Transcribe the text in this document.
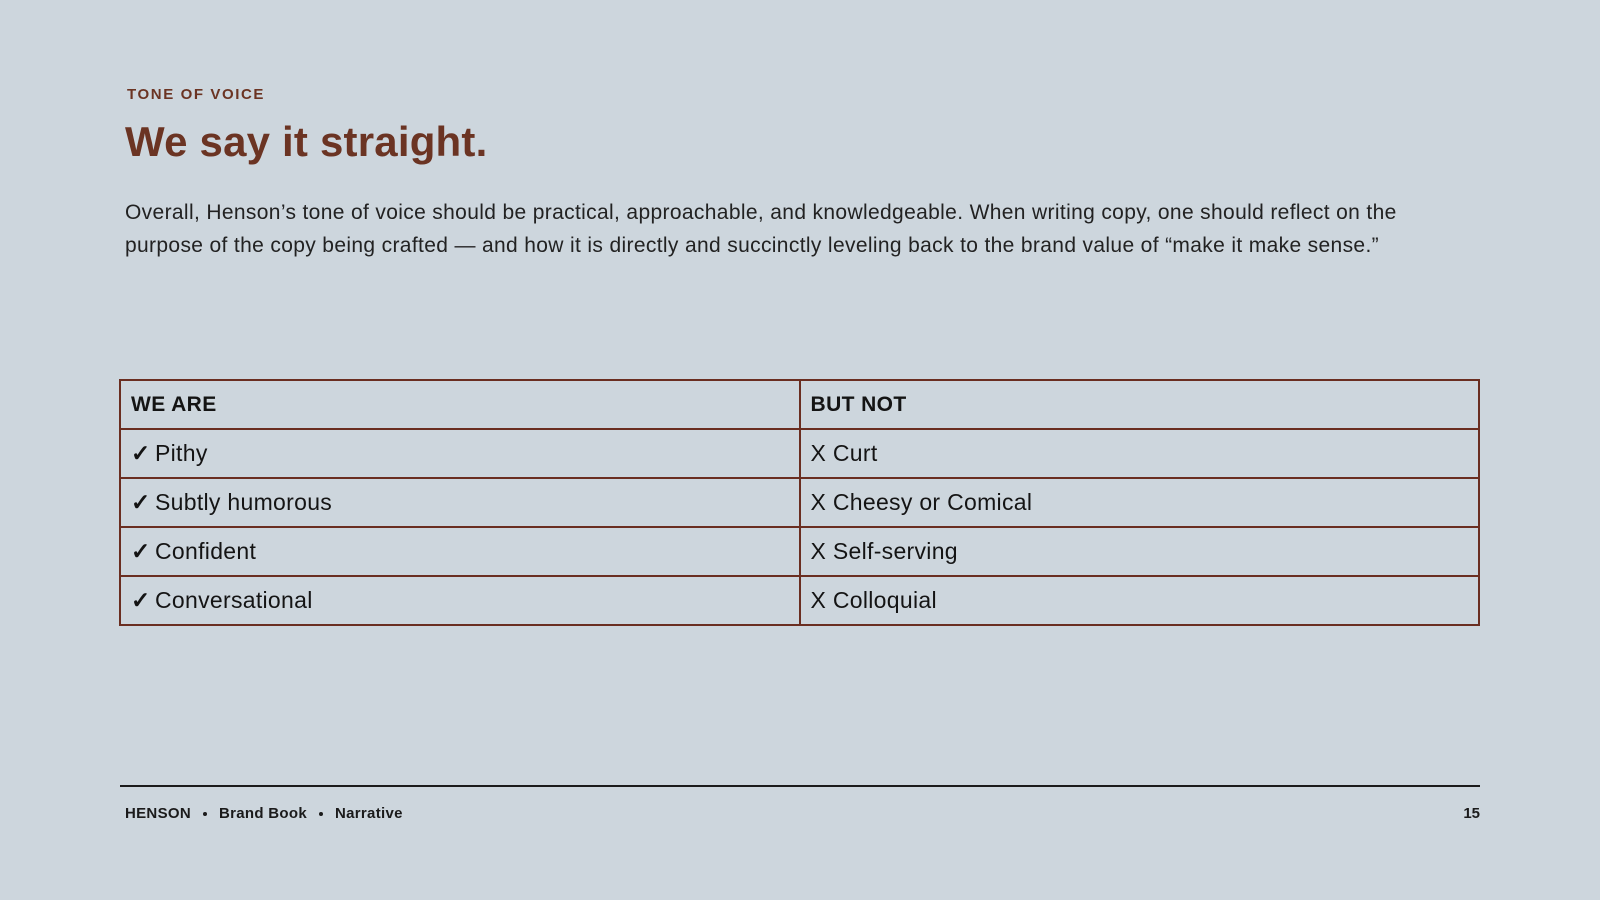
TONE OF VOICE
We say it straight.

Overall, Henson’s tone of voice should be practical, approachable, and knowledgeable. When writing copy, one should reflect on the purpose of the copy being crafted — and how it is directly and succinctly leveling back to the brand value of “make it make sense.”

WE ARE	BUT NOT
✓ Pithy	X Curt
✓ Subtly humorous	X Cheesy or Comical
✓ Confident	X Self-serving
✓ Conversational	X Colloquial
HENSON Brand Book Narrative	15
